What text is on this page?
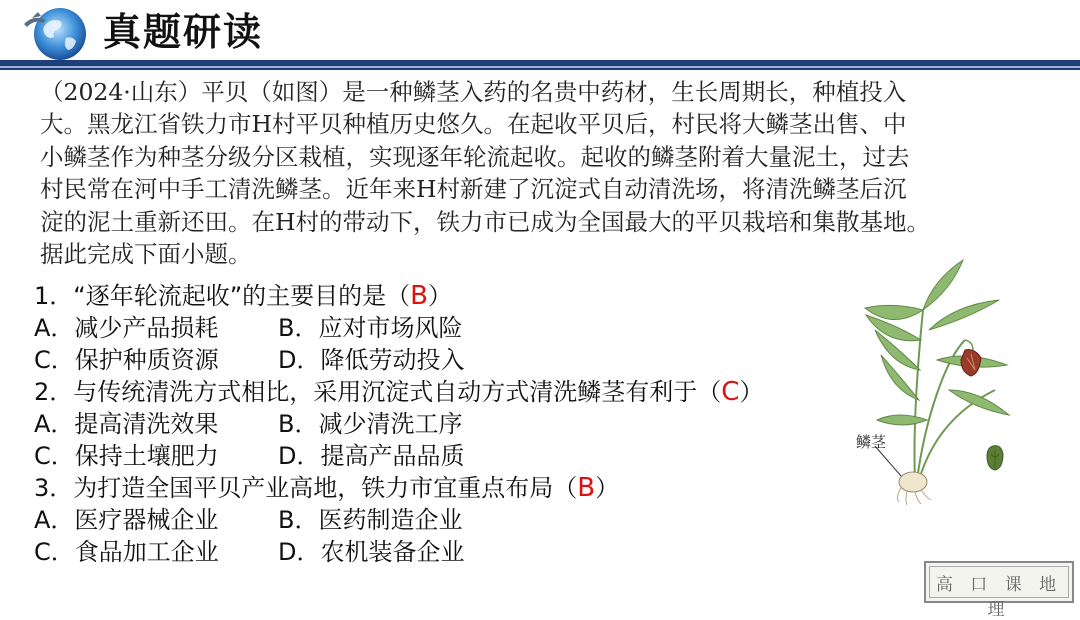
真题研读

（2024·山东）平贝（如图）是一种鳞茎入药的名贵中药材，生长周期长，种植投入

大。黑龙江省铁力市H村平贝种植历史悠久。在起收平贝后，村民将大鳞茎出售、中

小鳞茎作为种茎分级分区栽植，实现逐年轮流起收。起收的鳞茎附着大量泥土，过去

村民常在河中手工清洗鳞茎。近年来H村新建了沉淀式自动清洗场，将清洗鳞茎后沉

淀的泥土重新还田。在H村的带动下，铁力市已成为全国最大的平贝栽培和集散基地。

据此完成下面小题。

1．“逐年轮流起收”的主要目的是（B）
A．减少产品损耗 B．应对市场风险
C．保护种质资源 D．降低劳动投入
2．与传统清洗方式相比，采用沉淀式自动方式清洗鳞茎有利于（C）
A．提高清洗效果 B．减少清洗工序
C．保持土壤肥力 D．提高产品品质
3．为打造全国平贝产业高地，铁力市宜重点布局（B）
A．医疗器械企业 B．医药制造企业
C．食品加工企业 D．农机装备企业
鳞茎
高 口 课 地 理
